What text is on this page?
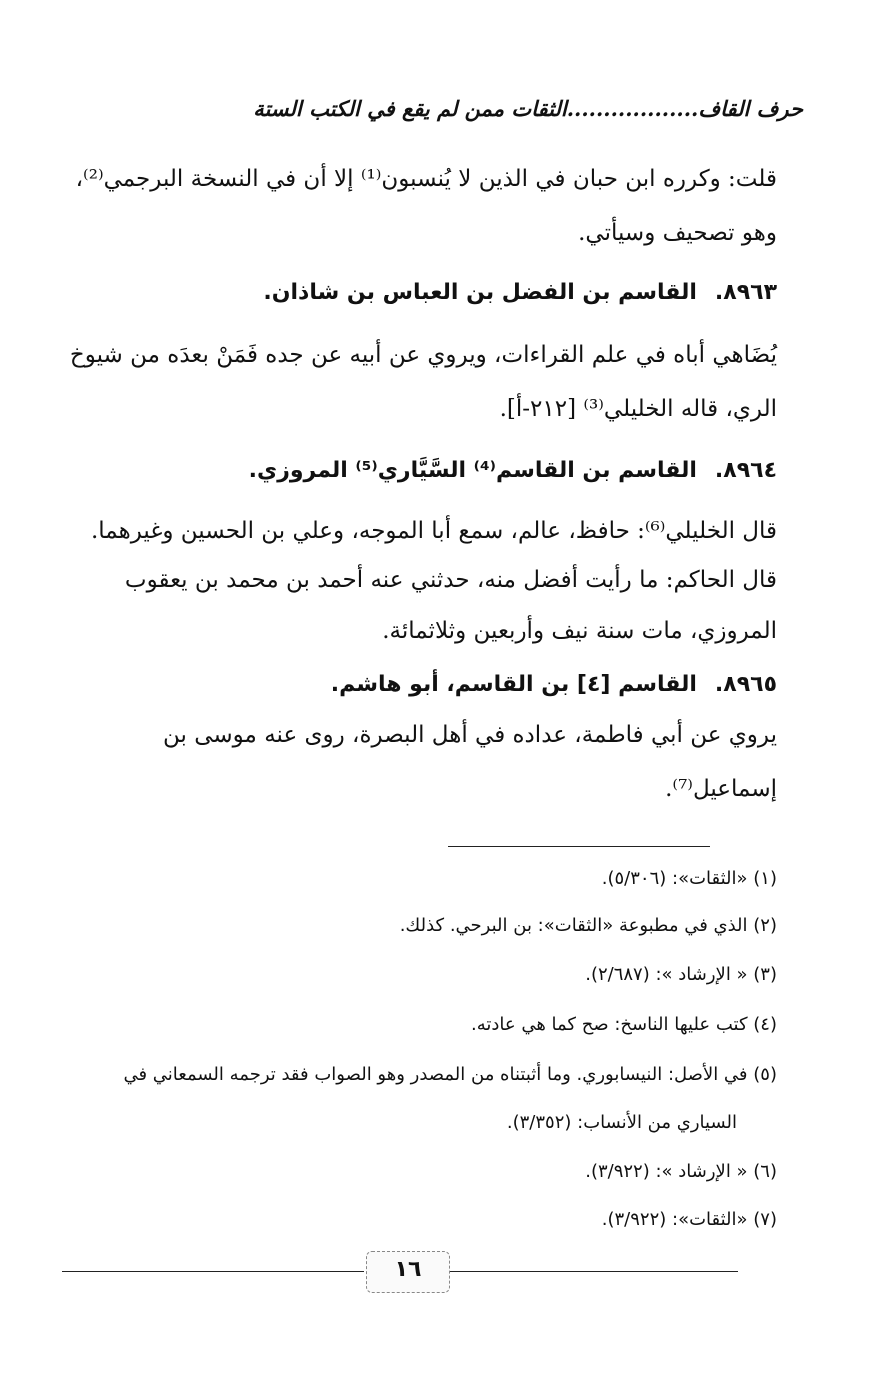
حرف القاف..................الثقات ممن لم يقع في الكتب الستة
قلت: وكرره ابن حبان في الذين لا يُنسبون⁽¹⁾ إلا أن في النسخة البرجمي⁽²⁾،
وهو تصحيف وسيأتي.
٨٩٦٣.القاسم بن الفضل بن العباس بن شاذان.
يُضَاهي أباه في علم القراءات، ويروي عن أبيه عن جده فَمَنْ بعدَه من شيوخ
الري، قاله الخليلي⁽³⁾ [٢١٢-أ].
٨٩٦٤.القاسم بن القاسم⁽⁴⁾ السَّيَّاري⁽⁵⁾ المروزي.
قال الخليلي⁽⁶⁾: حافظ، عالم، سمع أبا الموجه، وعلي بن الحسين وغيرهما.
قال الحاكم: ما رأيت أفضل منه، حدثني عنه أحمد بن محمد بن يعقوب
المروزي، مات سنة نيف وأربعين وثلاثمائة.
٨٩٦٥.القاسم [٤] بن القاسم، أبو هاشم.
يروي عن أبي فاطمة، عداده في أهل البصرة، روى عنه موسى بن
إسماعيل⁽⁷⁾.
(١) «الثقات»: (٥/٣٠٦).
(٢) الذي في مطبوعة «الثقات»: بن البرحي. كذلك.
(٣) « الإرشاد »: (٢/٦٨٧).
(٤) كتب عليها الناسخ: صح كما هي عادته.
(٥) في الأصل: النيسابوري. وما أثبتناه من المصدر وهو الصواب فقد ترجمه السمعاني في
السياري من الأنساب: (٣/٣٥٢).
(٦) « الإرشاد »: (٣/٩٢٢).
(٧) «الثقات»: (٣/٩٢٢).
١٦
